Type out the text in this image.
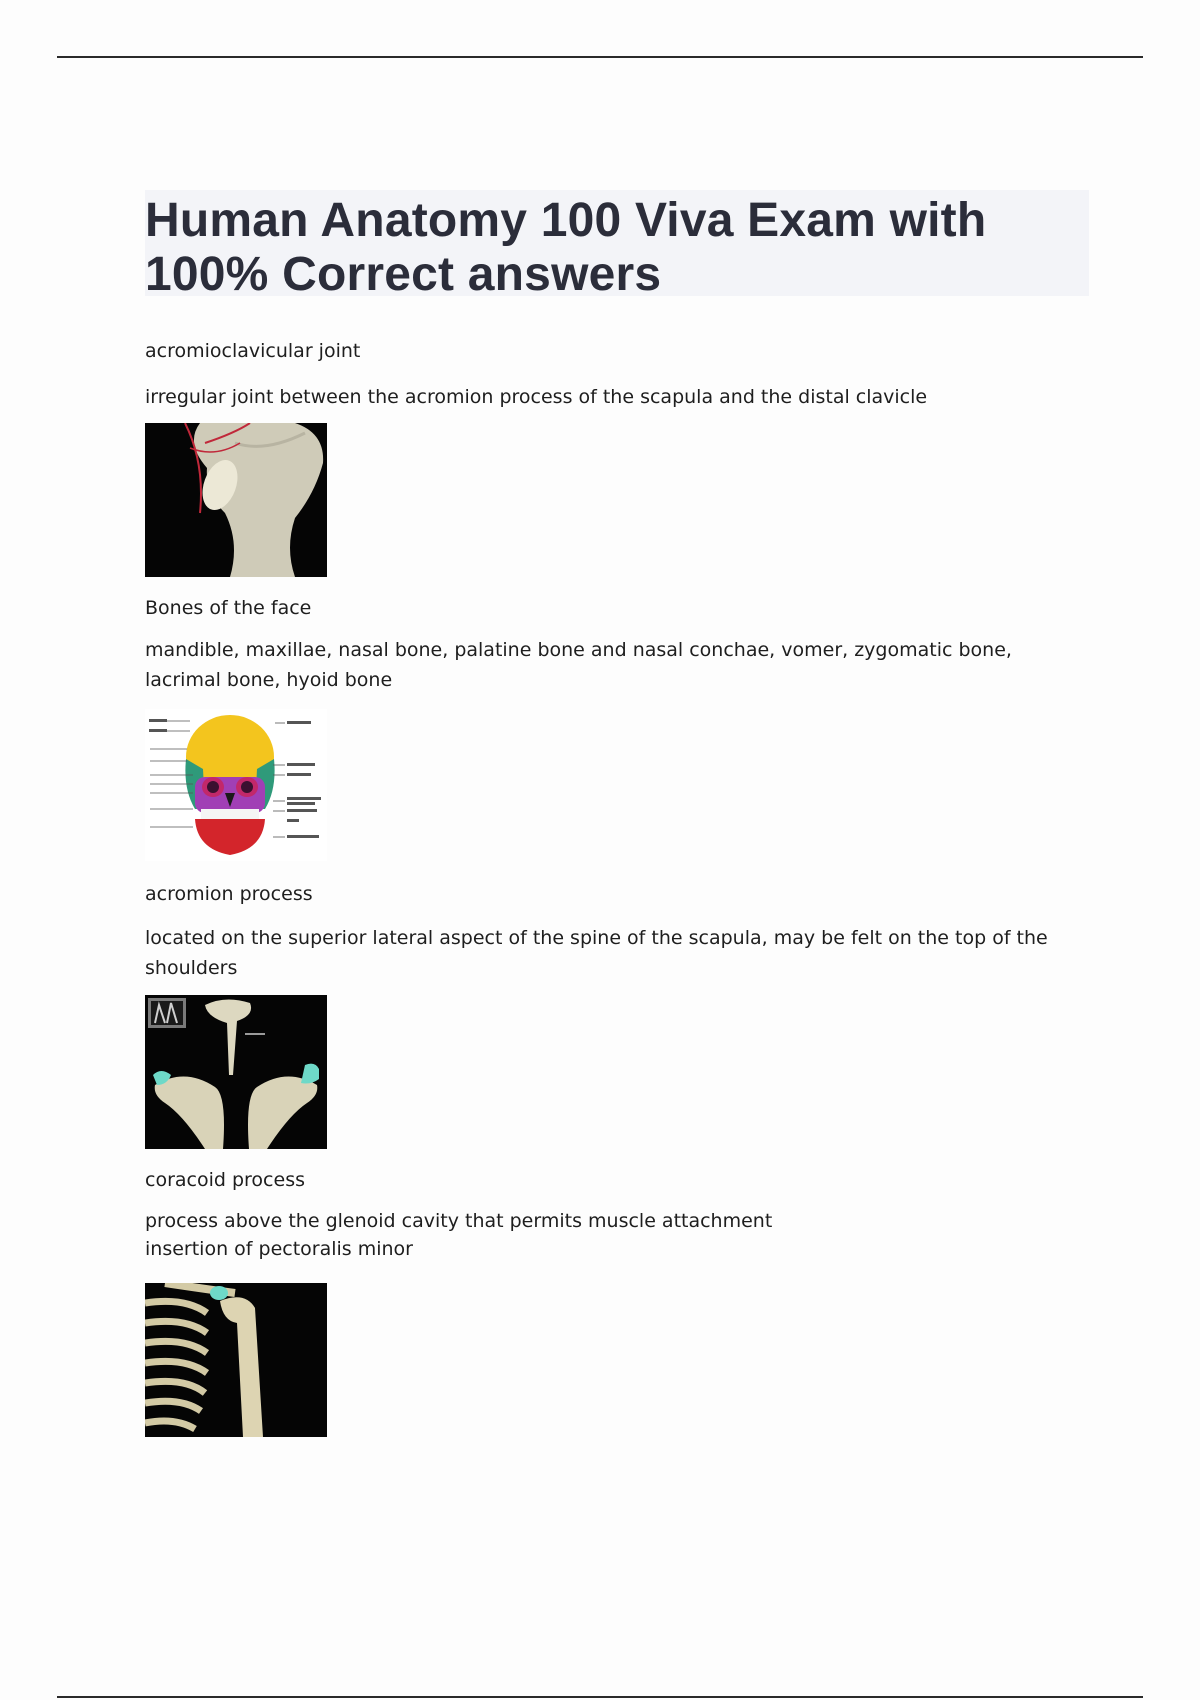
Human Anatomy 100 Viva Exam with 100% Correct answers

acromioclavicular joint

irregular joint between the acromion process of the scapula and the distal clavicle

Bones of the face

mandible, maxillae, nasal bone, palatine bone and nasal conchae, vomer, zygomatic bone, lacrimal bone, hyoid bone

acromion process

located on the superior lateral aspect of the spine of the scapula, may be felt on the top of the shoulders

coracoid process

process above the glenoid cavity that permits muscle attachment
insertion of pectoralis minor
